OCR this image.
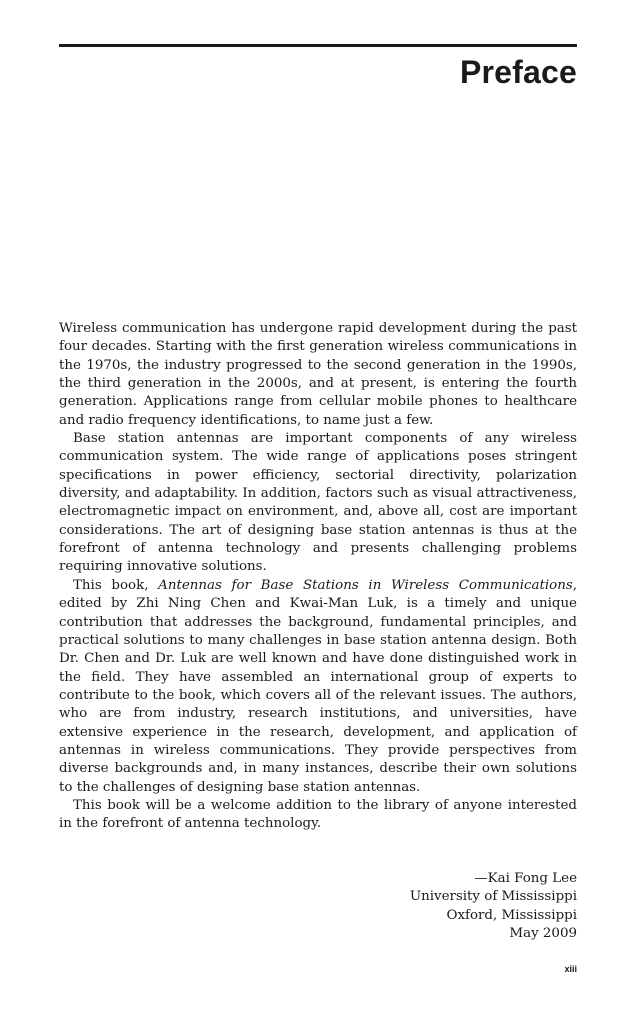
Preface

Wireless communication has undergone rapid development during the past four decades. Starting with the first generation wireless communications in the 1970s, the industry progressed to the second generation in the 1990s, the third generation in the 2000s, and at present, is entering the fourth generation. Applications range from cellular mobile phones to healthcare and radio frequency identifications, to name just a few.

Base station antennas are important components of any wireless communication system. The wide range of applications poses stringent specifications in power efficiency, sectorial directivity, polarization diversity, and adaptability. In addition, factors such as visual attractiveness, electromagnetic impact on environment, and, above all, cost are important considerations. The art of designing base station antennas is thus at the forefront of antenna technology and presents challenging problems requiring innovative solutions.

This book, Antennas for Base Stations in Wireless Communications, edited by Zhi Ning Chen and Kwai-Man Luk, is a timely and unique contribution that addresses the background, fundamental principles, and practical solutions to many challenges in base station antenna design. Both Dr. Chen and Dr. Luk are well known and have done distinguished work in the field. They have assembled an international group of experts to contribute to the book, which covers all of the relevant issues. The authors, who are from industry, research institutions, and universities, have extensive experience in the research, development, and application of antennas in wireless communications. They provide perspectives from diverse backgrounds and, in many instances, describe their own solutions to the challenges of designing base station antennas.

This book will be a welcome addition to the library of anyone interested in the forefront of antenna technology.

—Kai Fong Lee
University of Mississippi
Oxford, Mississippi
May 2009
xiii
